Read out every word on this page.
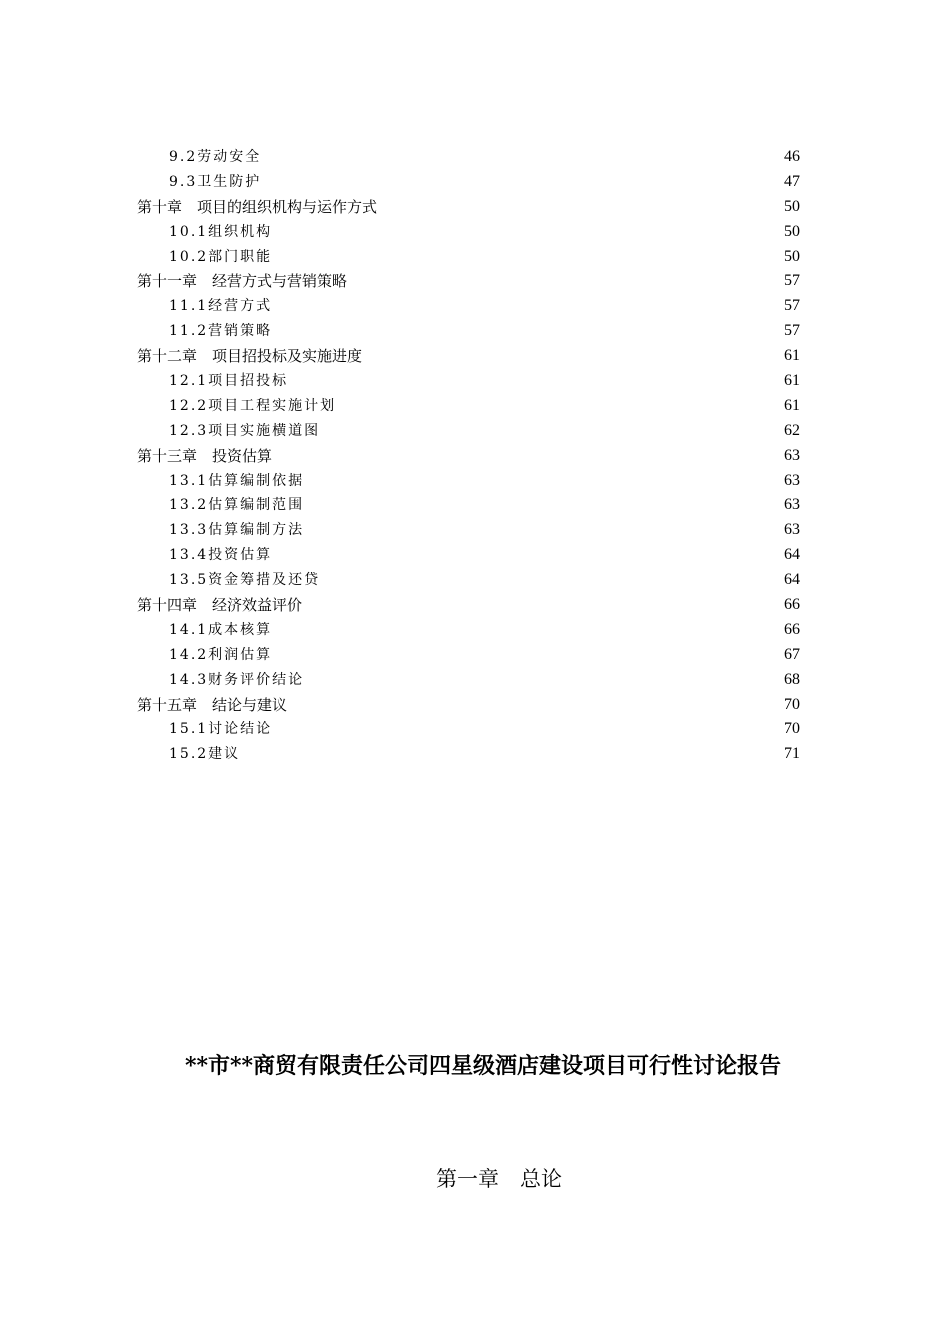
9.2劳动安全	46
9.3卫生防护	47
第十章　项目的组织机构与运作方式	50
10.1组织机构	50
10.2部门职能	50
第十一章　经营方式与营销策略	57
11.1经营方式	57
11.2营销策略	57
第十二章　项目招投标及实施进度	61
12.1项目招投标	61
12.2项目工程实施计划	61
12.3项目实施横道图	62
第十三章　投资估算	63
13.1估算编制依据	63
13.2估算编制范围	63
13.3估算编制方法	63
13.4投资估算	64
13.5资金筹措及还贷	64
第十四章　经济效益评价	66
14.1成本核算	66
14.2利润估算	67
14.3财务评价结论	68
第十五章　结论与建议	70
15.1讨论结论	70
15.2建议	71
**市**商贸有限责任公司四星级酒店建设项目可行性讨论报告
第一章　总论
